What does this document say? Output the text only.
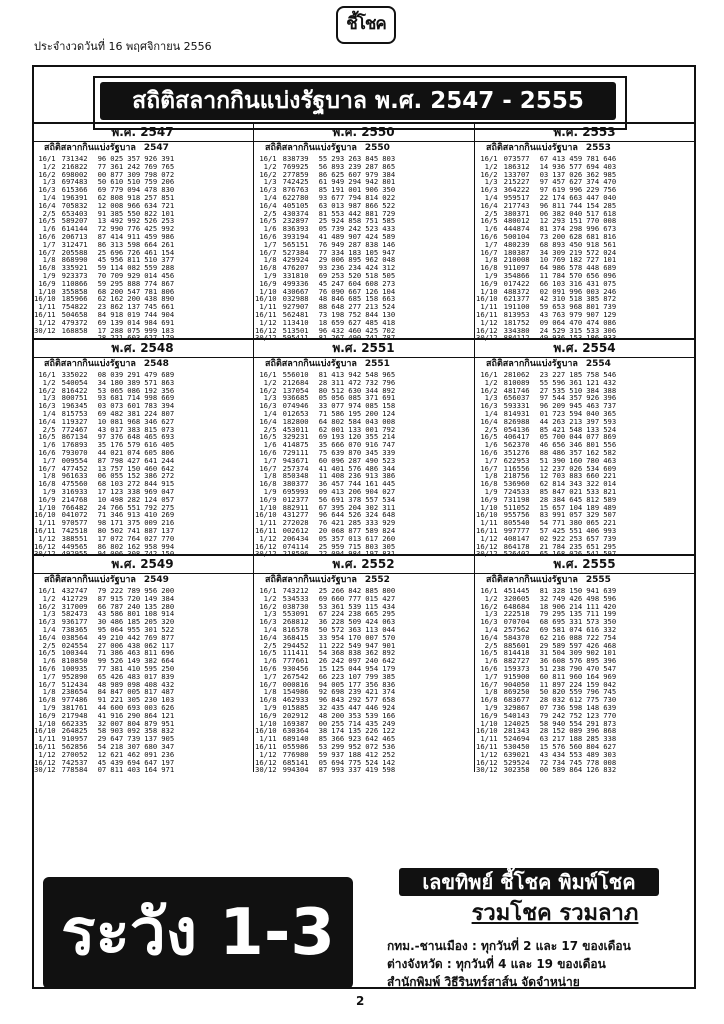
ประจำงวดวันที่ 16 พฤศจิกายน 2556
ชี้โชค
สถิติสลากกินแบ่งรัฐบาล พ.ศ. 2547 - 2555
พ.ศ. 2547
สถิติสลากกินแบ่งรัฐบาล 2547
16/1	731342	96	025	357	926	391
1/2	216822	77	361	242	769	765
16/2	698002	00	877	309	798	072
1/3	697483	50	610	510	759	206
16/3	615366	69	779	094	478	830
1/4	196391	62	808	918	257	851
16/4	705832	12	008	966	634	721
2/5	653403	91	385	550	822	101
16/5	589207	13	492	992	526	253
1/6	614144	72	990	776	425	992
16/6	206713	87	414	911	459	986
1/7	312471	86	313	598	664	261
16/7	205588	25	696	726	461	154
1/8	868990	45	956	811	510	377
16/8	335921	59	114	082	559	288
1/9	923373	70	709	929	014	456
16/9	110866	59	295	888	774	867
1/10	355858	68	200	547	781	806
16/10	185966	62	162	200	438	890
1/11	754822	23	862	137	745	661
16/11	504658	84	918	019	744	904
1/12	479372	69	139	014	984	691
30/12	168858	17	288	075	999	183
		28	221	603	627	179
พ.ศ. 2550
สถิติสลากกินแบ่งรัฐบาล 2550
16/1	838739	55	293	263	845	803
1/2	769925	56	893	239	287	865
16/2	277859	86	625	607	979	384
1/3	742425	61	949	294	942	801
16/3	876763	85	191	001	906	350
1/4	622780	93	677	794	814	022
16/4	405105	63	013	987	866	522
2/5	430374	81	553	442	881	729
16/5	232897	25	924	858	751	585
1/6	836393	05	739	242	523	433
16/6	393194	41	489	907	424	589
1/7	565151	76	949	287	838	146
16/7	527384	77	334	183	105	947
1/8	429924	29	006	895	962	048
16/8	476207	93	236	234	424	312
1/9	331810	69	253	520	518	505
16/9	499336	45	247	604	608	273
1/10	430667	76	090	667	126	104
16/10	032988	48	846	685	158	663
1/11	927907	88	648	277	213	524
16/11	562481	73	198	752	844	130
1/12	113410	18	659	627	485	418
16/12	513501	96	432	460	425	702
30/12	595411	81	267	490	741	787
พ.ศ. 2553
สถิติสลากกินแบ่งรัฐบาล 2553
16/1	073577	67	413	459	781	646
1/2	186312	14	936	577	694	403
16/2	133707	03	137	026	362	985
1/3	215227	97	457	627	374	470
16/3	364222	97	619	996	229	756
1/4	959517	22	174	663	447	040
16/4	217743	96	811	744	154	285
2/5	380371	06	382	040	517	618
16/5	480012	12	293	151	770	008
1/6	444874	81	374	298	996	673
16/6	500104	73	200	628	681	816
1/7	480239	68	893	450	918	561
16/7	180387	34	309	219	572	024
1/8	210008	10	769	182	727	101
16/8	911097	64	986	578	448	689
1/9	354866	11	784	570	656	096
16/9	017422	66	103	316	431	075
1/10	488372	02	091	996	003	246
16/10	621377	42	310	518	385	872
1/11	191100	59	653	968	801	739
16/11	813953	43	763	979	907	129
1/12	181752	09	064	470	474	086
16/12	334380	24	529	315	533	306
30/12	884112	49	936	153	186	933
พ.ศ. 2548
สถิติสลากกินแบ่งรัฐบาล 2548
16/1	335022	08	039	291	479	689
1/2	540054	34	180	389	571	863
16/2	816422	53	065	086	192	356
1/3	800751	93	681	714	998	669
16/3	196345	03	073	601	783	394
1/4	815753	69	482	381	224	807
16/4	119327	10	081	968	346	627
2/5	772467	43	017	383	815	073
16/5	867134	97	376	648	465	693
1/6	176893	35	176	579	616	405
16/6	793070	44	021	074	605	806
1/7	009554	87	798	427	641	244
16/7	477452	13	757	150	460	642
1/8	961633	06	055	152	386	272
16/8	475560	68	103	272	844	915
1/9	316933	17	123	338	969	047
16/9	214768	10	498	282	124	057
1/10	766482	24	766	551	792	275
16/10	041072	71	346	913	410	269
1/11	970577	98	171	375	009	216
16/11	742518	80	502	741	887	137
1/12	388551	17	072	764	027	770
16/12	449565	86	802	162	958	994
30/12	492955	94	006	308	742	150
พ.ศ. 2551
สถิติสลากกินแบ่งรัฐบาล 2551
16/1	556010	81	413	942	548	965
1/2	212684	28	311	472	732	796
16/2	137054	80	512	630	344	892
1/3	936685	05	056	085	371	691
16/3	074946	33	077	974	085	158
1/4	012653	71	586	195	200	124
16/4	182800	64	802	584	043	008
2/5	453011	62	001	133	001	792
16/5	329231	69	193	120	355	214
1/6	414875	35	666	070	916	747
16/6	729111	75	639	870	345	339
1/7	943671	60	096	287	490	523
16/7	257374	41	401	576	486	344
1/8	850348	11	408	236	913	386
16/8	380377	36	457	744	161	445
1/9	695993	09	413	206	904	027
16/9	012377	56	691	378	557	534
1/10	882911	67	395	204	302	311
16/10	431277	96	644	526	324	648
1/11	272028	76	421	285	333	929
16/11	002612	20	068	877	589	824
1/12	206434	05	357	013	617	260
16/12	074114	25	959	715	803	305
30/12	218596	22	094	984	197	831
พ.ศ. 2554
สถิติสลากกินแบ่งรัฐบาล 2554
16/1	281062	23	227	185	758	546
1/2	810089	55	596	361	121	432
16/2	481746	27	535	510	384	388
1/3	656037	97	544	357	926	396
16/3	593331	96	209	945	463	737
1/4	814931	01	723	594	040	365
16/4	826988	44	263	213	397	593
2/5	054136	85	421	548	133	524
16/5	406417	05	700	044	077	869
1/6	562370	46	656	346	801	556
16/6	351276	88	486	357	162	582
1/7	622953	51	390	160	780	463
16/7	116556	12	237	026	534	609
1/8	218756	12	703	883	660	221
16/8	536960	62	814	343	322	014
1/9	724533	85	847	021	533	821
16/9	731198	28	384	645	812	589
1/10	511052	15	657	104	189	489
16/10	955756	83	991	057	329	507
1/11	805540	54	771	380	065	221
16/11	997777	57	425	551	406	993
1/12	408147	02	922	253	657	739
16/12	864178	21	784	235	651	295
30/12	526402	65	168	026	541	597
พ.ศ. 2549
สถิติสลากกินแบ่งรัฐบาล 2549
16/1	432747	79	222	789	956	200
1/2	412729	87	915	720	149	384
16/2	317009	66	787	240	135	280
1/3	582473	43	586	801	108	914
16/3	936177	30	486	185	205	320
1/4	738365	95	064	955	301	522
16/4	038564	49	210	442	769	877
2/5	024554	27	006	438	062	117
16/5	100344	71	386	463	811	696
1/6	810850	99	526	149	382	664
16/6	100935	77	381	410	595	250
1/7	952890	65	426	483	017	839
16/7	512434	48	989	098	408	432
1/8	238654	84	847	005	817	487
16/8	977486	91	221	305	230	103
1/9	381761	44	600	693	003	626
16/9	217948	41	916	290	864	121
1/10	662335	32	007	804	879	951
16/10	264825	58	903	092	358	832
1/11	910957	29	647	739	137	905
16/11	562856	54	218	307	680	347
1/12	270052	12	621	462	091	236
16/12	742537	45	439	694	647	197
30/12	778584	07	811	403	164	971
พ.ศ. 2552
สถิติสลากกินแบ่งรัฐบาล 2552
16/1	743212	25	266	842	885	800
1/2	534533	69	660	777	015	427
16/2	038730	53	361	539	115	434
1/3	553091	67	224	238	665	295
16/3	268812	36	228	509	424	063
1/4	816578	50	572	363	113	044
16/4	368415	33	954	170	007	570
2/5	294452	11	222	549	947	901
16/5	111411	54	368	838	362	892
1/6	777661	26	242	097	240	642
16/6	930456	15	125	044	954	179
1/7	267542	66	223	107	799	385
16/7	000816	94	005	177	356	836
1/8	154986	92	698	239	421	374
16/8	462933	96	843	292	577	658
1/9	015885	32	435	447	446	924
16/9	202912	48	200	353	539	166
1/10	169387	00	255	714	435	249
16/10	630364	38	174	135	226	122
1/11	689140	85	366	923	642	465
16/11	055986	53	299	952	072	536
1/12	776980	59	937	188	412	252
16/12	685141	05	694	775	524	142
30/12	994304	87	993	337	419	598
พ.ศ. 2555
สถิติสลากกินแบ่งรัฐบาล 2555
16/1	451445	81	328	150	941	639
1/2	320605	32	749	426	498	596
16/2	648684	18	906	214	111	420
1/3	222518	79	295	135	711	199
16/3	070704	68	695	331	573	350
1/4	257562	69	581	074	616	332
16/4	584370	62	216	088	722	754
2/5	885601	29	589	597	426	468
16/5	814418	31	504	309	902	101
1/6	882727	36	608	576	895	396
16/6	159373	51	238	790	470	547
1/7	915900	60	811	960	164	969
16/7	904050	11	897	224	159	042
1/8	869250	50	820	559	796	745
16/8	683677	28	032	612	775	730
1/9	329867	07	736	598	148	639
16/9	540143	79	242	752	123	770
1/10	124025	58	940	554	291	873
16/10	281343	28	152	089	396	868
1/11	524694	63	217	188	285	338
16/11	530450	15	576	560	804	627
1/12	639021	43	434	553	489	303
16/12	529524	72	734	745	778	008
30/12	302358	00	589	864	126	832
ระวัง 1-3
เลขทิพย์ ชี้โชค พิมพ์โชค
รวมโชค รวมลาภ
กทม.-ชานเมือง : ทุกวันที่ 2 และ 17 ของเดือน
ต่างจังหวัด : ทุกวันที่ 4 และ 19 ของเดือน
สำนักพิมพ์ วิธีรินทร์สาส์น จัดจำหน่าย
2
